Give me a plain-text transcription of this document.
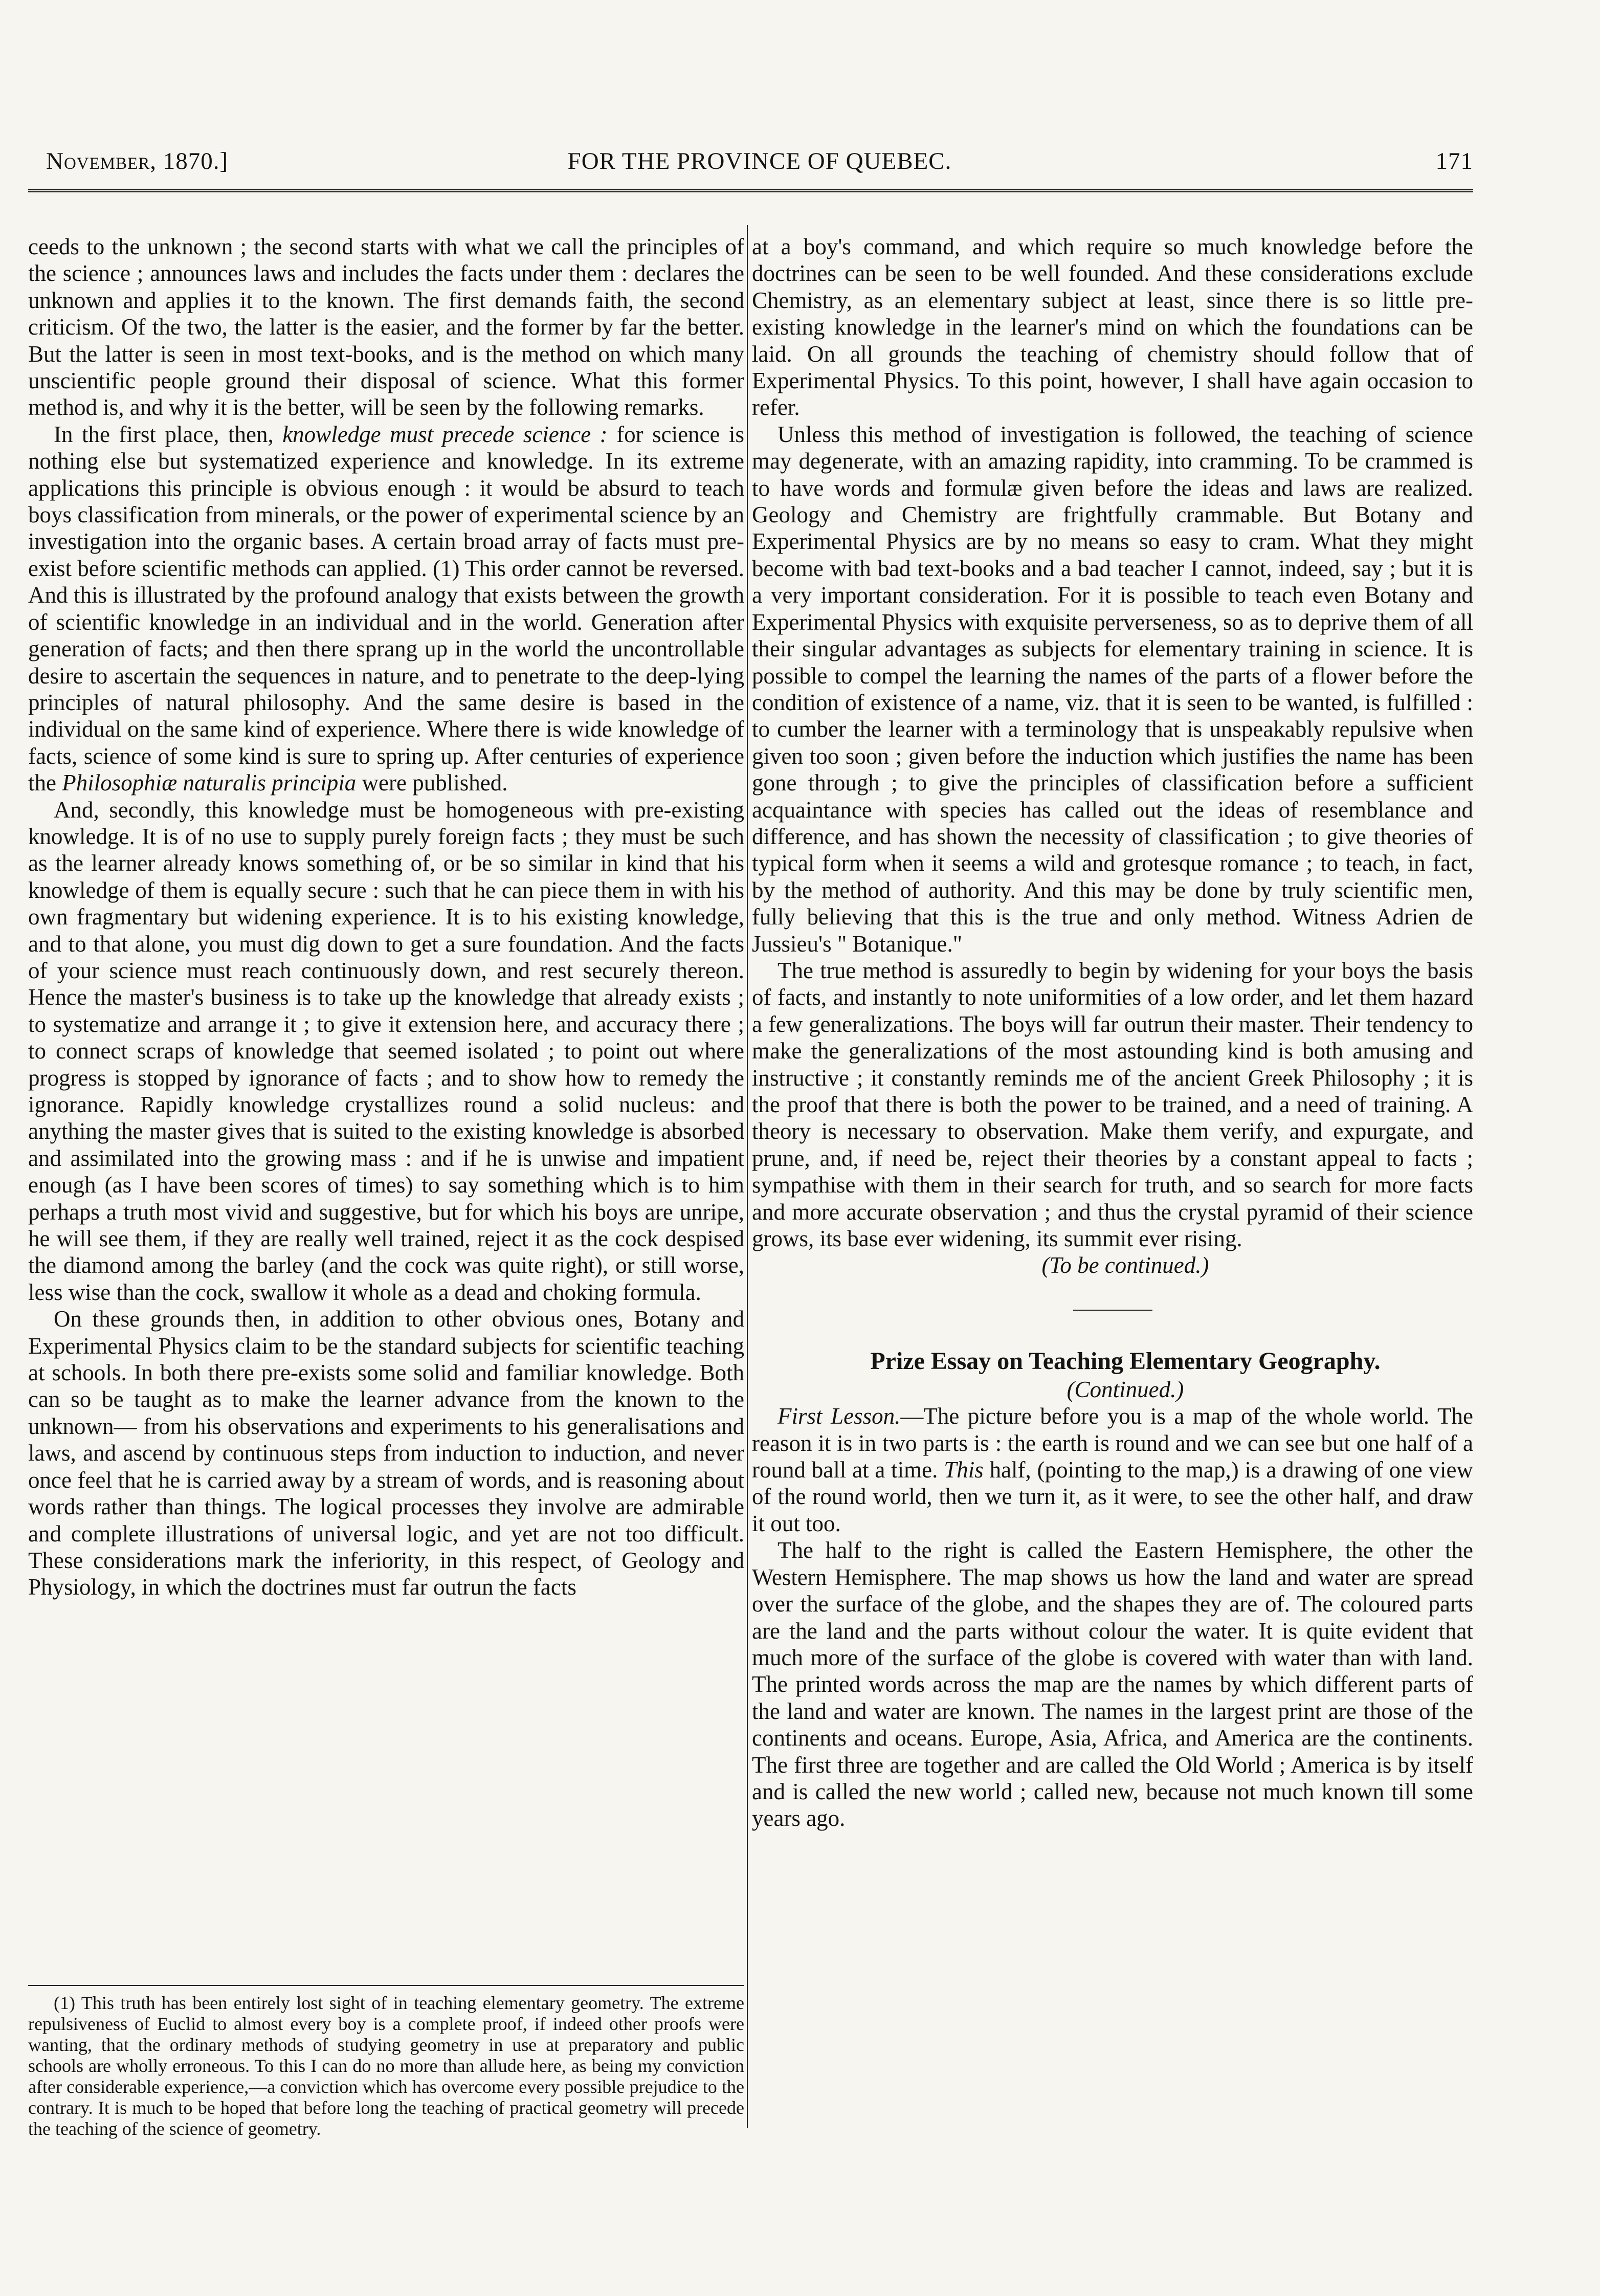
November, 1870.]	FOR THE PROVINCE OF QUEBEC.	171

ceeds to the unknown ; the second starts with what we call the principles of the science ; announces laws and includes the facts under them : declares the unknown and applies it to the known. The first demands faith, the second criticism. Of the two, the latter is the easier, and the former by far the better. But the latter is seen in most text-books, and is the method on which many unscientific people ground their disposal of science. What this former method is, and why it is the better, will be seen by the following remarks.

In the first place, then, knowledge must precede science : for science is nothing else but systematized experience and knowledge. In its extreme applications this principle is obvious enough : it would be absurd to teach boys classification from minerals, or the power of experimental science by an investigation into the organic bases. A certain broad array of facts must pre-exist before scientific methods can applied. (1) This order cannot be reversed. And this is illustrated by the profound analogy that exists between the growth of scientific knowledge in an individual and in the world. Generation after generation of facts; and then there sprang up in the world the uncontrollable desire to ascertain the sequences in nature, and to penetrate to the deep-lying principles of natural philosophy. And the same desire is based in the individual on the same kind of experience. Where there is wide knowledge of facts, science of some kind is sure to spring up. After centuries of experience the Philosophiæ naturalis principia were published.

And, secondly, this knowledge must be homogeneous with pre-existing knowledge. It is of no use to supply purely foreign facts ; they must be such as the learner already knows something of, or be so similar in kind that his knowledge of them is equally secure : such that he can piece them in with his own fragmentary but widening experience. It is to his existing knowledge, and to that alone, you must dig down to get a sure foundation. And the facts of your science must reach continuously down, and rest securely thereon. Hence the master's business is to take up the knowledge that already exists ; to systematize and arrange it ; to give it extension here, and accuracy there ; to connect scraps of knowledge that seemed isolated ; to point out where progress is stopped by ignorance of facts ; and to show how to remedy the ignorance. Rapidly knowledge crystallizes round a solid nucleus: and anything the master gives that is suited to the existing knowledge is absorbed and assimilated into the growing mass : and if he is unwise and impatient enough (as I have been scores of times) to say something which is to him perhaps a truth most vivid and suggestive, but for which his boys are unripe, he will see them, if they are really well trained, reject it as the cock despised the diamond among the barley (and the cock was quite right), or still worse, less wise than the cock, swallow it whole as a dead and choking formula.

On these grounds then, in addition to other obvious ones, Botany and Experimental Physics claim to be the standard subjects for scientific teaching at schools. In both there pre-exists some solid and familiar knowledge. Both can so be taught as to make the learner advance from the known to the unknown— from his observations and experiments to his generalisations and laws, and ascend by continuous steps from induction to induction, and never once feel that he is carried away by a stream of words, and is reasoning about words rather than things. The logical processes they involve are admirable and complete illustrations of universal logic, and yet are not too difficult. These considerations mark the inferiority, in this respect, of Geology and Physiology, in which the doctrines must far outrun the facts

(1) This truth has been entirely lost sight of in teaching elementary geometry. The extreme repulsiveness of Euclid to almost every boy is a complete proof, if indeed other proofs were wanting, that the ordinary methods of studying geometry in use at preparatory and public schools are wholly erroneous. To this I can do no more than allude here, as being my conviction after considerable experience,—a conviction which has overcome every possible prejudice to the contrary. It is much to be hoped that before long the teaching of practical geometry will precede the teaching of the science of geometry.

at a boy's command, and which require so much knowledge before the doctrines can be seen to be well founded. And these considerations exclude Chemistry, as an elementary subject at least, since there is so little pre-existing knowledge in the learner's mind on which the foundations can be laid. On all grounds the teaching of chemistry should follow that of Experimental Physics. To this point, however, I shall have again occasion to refer.

Unless this method of investigation is followed, the teaching of science may degenerate, with an amazing rapidity, into cramming. To be crammed is to have words and formulæ given before the ideas and laws are realized. Geology and Chemistry are frightfully crammable. But Botany and Experimental Physics are by no means so easy to cram. What they might become with bad text-books and a bad teacher I cannot, indeed, say ; but it is a very important consideration. For it is possible to teach even Botany and Experimental Physics with exquisite perverseness, so as to deprive them of all their singular advantages as subjects for elementary training in science. It is possible to compel the learning the names of the parts of a flower before the condition of existence of a name, viz. that it is seen to be wanted, is fulfilled : to cumber the learner with a terminology that is unspeakably repulsive when given too soon ; given before the induction which justifies the name has been gone through ; to give the principles of classification before a sufficient acquaintance with species has called out the ideas of resemblance and difference, and has shown the necessity of classification ; to give theories of typical form when it seems a wild and grotesque romance ; to teach, in fact, by the method of authority. And this may be done by truly scientific men, fully believing that this is the true and only method. Witness Adrien de Jussieu's " Botanique."

The true method is assuredly to begin by widening for your boys the basis of facts, and instantly to note uniformities of a low order, and let them hazard a few generalizations. The boys will far outrun their master. Their tendency to make the generalizations of the most astounding kind is both amusing and instructive ; it constantly reminds me of the ancient Greek Philosophy ; it is the proof that there is both the power to be trained, and a need of training. A theory is necessary to observation. Make them verify, and expurgate, and prune, and, if need be, reject their theories by a constant appeal to facts ; sympathise with them in their search for truth, and so search for more facts and more accurate observation ; and thus the crystal pyramid of their science grows, its base ever widening, its summit ever rising.

(To be continued.)

Prize Essay on Teaching Elementary Geography.

(Continued.)

First Lesson.—The picture before you is a map of the whole world. The reason it is in two parts is : the earth is round and we can see but one half of a round ball at a time. This half, (pointing to the map,) is a drawing of one view of the round world, then we turn it, as it were, to see the other half, and draw it out too.

The half to the right is called the Eastern Hemisphere, the other the Western Hemisphere. The map shows us how the land and water are spread over the surface of the globe, and the shapes they are of. The coloured parts are the land and the parts without colour the water. It is quite evident that much more of the surface of the globe is covered with water than with land. The printed words across the map are the names by which different parts of the land and water are known. The names in the largest print are those of the continents and oceans. Europe, Asia, Africa, and America are the continents. The first three are together and are called the Old World ; America is by itself and is called the new world ; called new, because not much known till some years ago.
